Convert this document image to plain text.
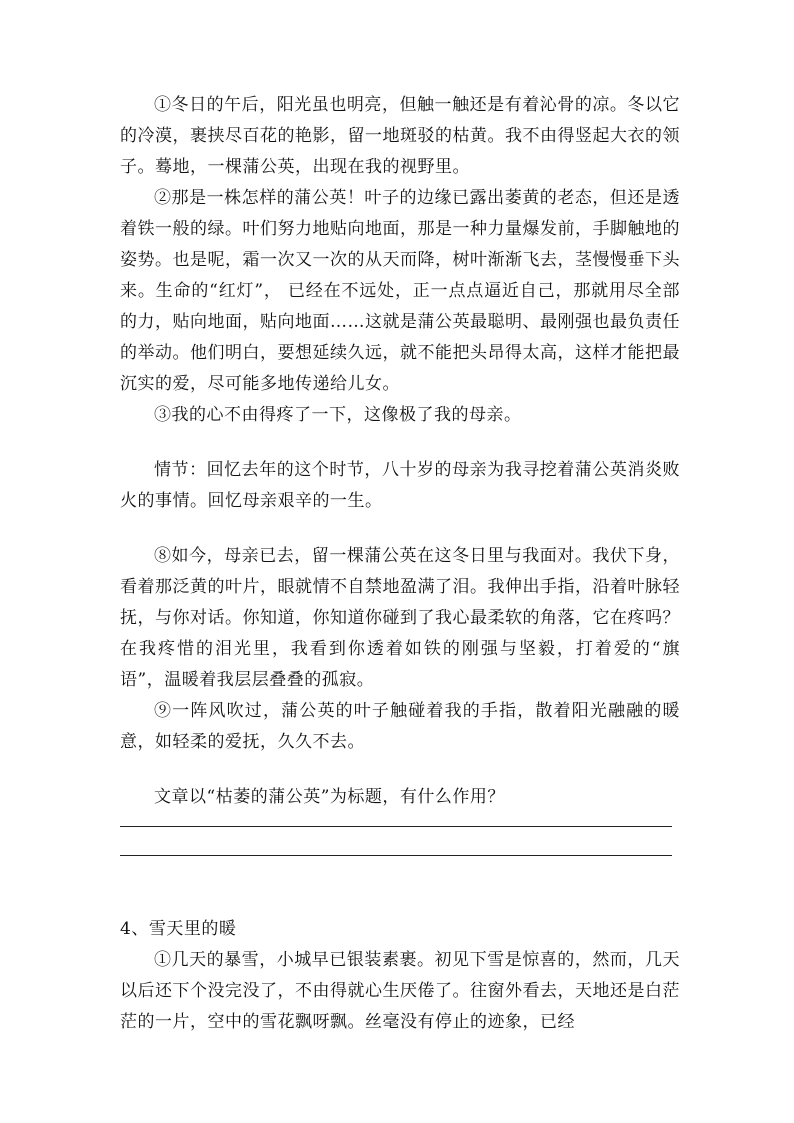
①冬日的午后，阳光虽也明亮，但触一触还是有着沁骨的凉。冬以它的冷漠，裹挟尽百花的艳影，留一地斑驳的枯黄。我不由得竖起大衣的领子。蓦地，一棵蒲公英，出现在我的视野里。

②那是一株怎样的蒲公英！叶子的边缘已露出萎黄的老态，但还是透着铁一般的绿。叶们努力地贴向地面，那是一种力量爆发前，手脚触地的姿势。也是呢，霜一次又一次的从天而降，树叶渐渐飞去，茎慢慢垂下头来。生命的“红灯”， 已经在不远处，正一点点逼近自己，那就用尽全部的力，贴向地面，贴向地面……这就是蒲公英最聪明、最刚强也最负责任的举动。他们明白，要想延续久远，就不能把头昂得太高，这样才能把最沉实的爱，尽可能多地传递给儿女。

③我的心不由得疼了一下，这像极了我的母亲。

情节：回忆去年的这个时节，八十岁的母亲为我寻挖着蒲公英消炎败火的事情。回忆母亲艰辛的一生。

⑧如今，母亲已去，留一棵蒲公英在这冬日里与我面对。我伏下身，看着那泛黄的叶片，眼就情不自禁地盈满了泪。我伸出手指，沿着叶脉轻抚，与你对话。你知道，你知道你碰到了我心最柔软的角落，它在疼吗？在我疼惜的泪光里，我看到你透着如铁的刚强与坚毅，打着爱的“旗语”，温暖着我层层叠叠的孤寂。

⑨一阵风吹过，蒲公英的叶子触碰着我的手指，散着阳光融融的暖意，如轻柔的爱抚，久久不去。

文章以“枯萎的蒲公英”为标题，有什么作用？

4、雪天里的暖

①几天的暴雪，小城早已银装素裹。初见下雪是惊喜的，然而，几天以后还下个没完没了，不由得就心生厌倦了。往窗外看去，天地还是白茫茫的一片，空中的雪花飘呀飘。丝毫没有停止的迹象，已经
